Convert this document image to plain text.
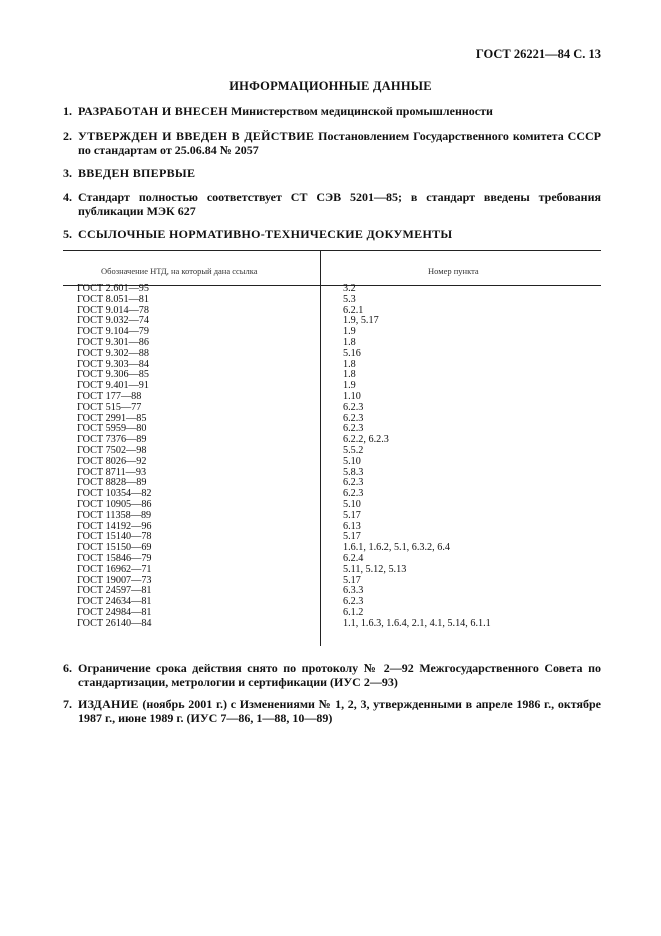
ГОСТ 26221—84 С. 13
ИНФОРМАЦИОННЫЕ ДАННЫЕ
1. РАЗРАБОТАН И ВНЕСЕН Министерством медицинской промышленности
2. УТВЕРЖДЕН И ВВЕДЕН В ДЕЙСТВИЕ Постановлением Государственного комитета СССР по стандартам от 25.06.84 № 2057
3. ВВЕДЕН ВПЕРВЫЕ
4. Стандарт полностью соответствует СТ СЭВ 5201—85; в стандарт введены требования публикации МЭК 627
5. ССЫЛОЧНЫЕ НОРМАТИВНО-ТЕХНИЧЕСКИЕ ДОКУМЕНТЫ
Обозначение НТД, на который дана ссылка	Номер пункта
ГОСТ 2.601—95	3.2
ГОСТ 8.051—81	5.3
ГОСТ 9.014—78	6.2.1
ГОСТ 9.032—74	1.9, 5.17
ГОСТ 9.104—79	1.9
ГОСТ 9.301—86	1.8
ГОСТ 9.302—88	5.16
ГОСТ 9.303—84	1.8
ГОСТ 9.306—85	1.8
ГОСТ 9.401—91	1.9
ГОСТ 177—88	1.10
ГОСТ 515—77	6.2.3
ГОСТ 2991—85	6.2.3
ГОСТ 5959—80	6.2.3
ГОСТ 7376—89	6.2.2, 6.2.3
ГОСТ 7502—98	5.5.2
ГОСТ 8026—92	5.10
ГОСТ 8711—93	5.8.3
ГОСТ 8828—89	6.2.3
ГОСТ 10354—82	6.2.3
ГОСТ 10905—86	5.10
ГОСТ 11358—89	5.17
ГОСТ 14192—96	6.13
ГОСТ 15140—78	5.17
ГОСТ 15150—69	1.6.1, 1.6.2, 5.1, 6.3.2, 6.4
ГОСТ 15846—79	6.2.4
ГОСТ 16962—71	5.11, 5.12, 5.13
ГОСТ 19007—73	5.17
ГОСТ 24597—81	6.3.3
ГОСТ 24634—81	6.2.3
ГОСТ 24984—81	6.1.2
ГОСТ 26140—84	1.1, 1.6.3, 1.6.4, 2.1, 4.1, 5.14, 6.1.1
6. Ограничение срока действия снято по протоколу № 2—92 Межгосударственного Совета по стандартизации, метрологии и сертификации (ИУС 2—93)
7. ИЗДАНИЕ (ноябрь 2001 г.) с Изменениями № 1, 2, 3, утвержденными в апреле 1986 г., октябре 1987 г., июне 1989 г. (ИУС 7—86, 1—88, 10—89)
